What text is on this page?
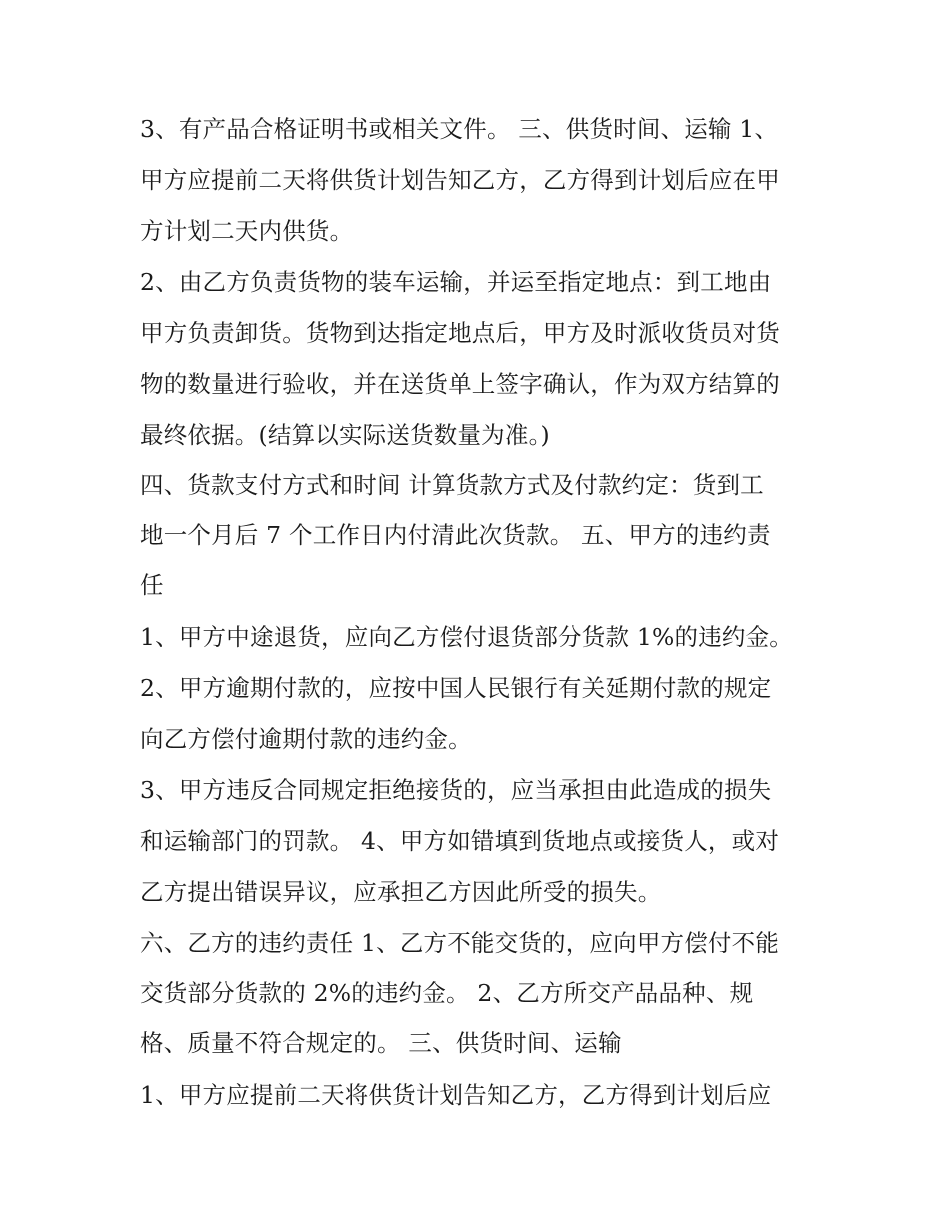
3、有产品合格证明书或相关文件。 三、供货时间、运输 1、
甲方应提前二天将供货计划告知乙方，乙方得到计划后应在甲
方计划二天内供货。
2、由乙方负责货物的装车运输，并运至指定地点：到工地由
甲方负责卸货。货物到达指定地点后，甲方及时派收货员对货
物的数量进行验收，并在送货单上签字确认，作为双方结算的
最终依据。(结算以实际送货数量为准。)
四、货款支付方式和时间 计算货款方式及付款约定：货到工
地一个月后 7 个工作日内付清此次货款。 五、甲方的违约责
任
1、甲方中途退货，应向乙方偿付退货部分货款 1%的违约金。
2、甲方逾期付款的，应按中国人民银行有关延期付款的规定
向乙方偿付逾期付款的违约金。
3、甲方违反合同规定拒绝接货的，应当承担由此造成的损失
和运输部门的罚款。 4、甲方如错填到货地点或接货人，或对
乙方提出错误异议，应承担乙方因此所受的损失。
六、乙方的违约责任 1、乙方不能交货的，应向甲方偿付不能
交货部分货款的 2%的违约金。 2、乙方所交产品品种、规
格、质量不符合规定的。 三、供货时间、运输
1、甲方应提前二天将供货计划告知乙方，乙方得到计划后应
